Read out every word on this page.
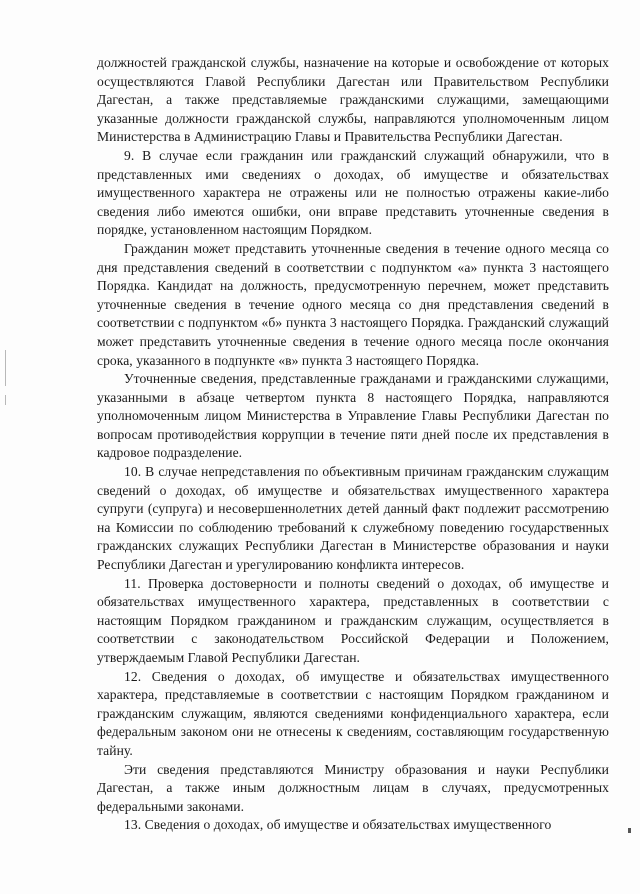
должностей гражданской службы, назначение на которые и освобождение от которых осуществляются Главой Республики Дагестан или Правительством Республики Дагестан, а также представляемые гражданскими служащими, замещающими указанные должности гражданской службы, направляются уполномоченным лицом Министерства в Администрацию Главы и Правительства Республики Дагестан.

9. В случае если гражданин или гражданский служащий обнаружили, что в представленных ими сведениях о доходах, об имуществе и обязательствах имущественного характера не отражены или не полностью отражены какие-либо сведения либо имеются ошибки, они вправе представить уточненные сведения в порядке, установленном настоящим Порядком.

Гражданин может представить уточненные сведения в течение одного месяца со дня представления сведений в соответствии с подпунктом «а» пункта 3 настоящего Порядка. Кандидат на должность, предусмотренную перечнем, может представить уточненные сведения в течение одного месяца со дня представления сведений в соответствии с подпунктом «б» пункта 3 настоящего Порядка. Гражданский служащий может представить уточненные сведения в течение одного месяца после окончания срока, указанного в подпункте «в» пункта 3 настоящего Порядка.

Уточненные сведения, представленные гражданами и гражданскими служащими, указанными в абзаце четвертом пункта 8 настоящего Порядка, направляются уполномоченным лицом Министерства в Управление Главы Республики Дагестан по вопросам противодействия коррупции в течение пяти дней после их представления в кадровое подразделение.

10. В случае непредставления по объективным причинам гражданским служащим сведений о доходах, об имуществе и обязательствах имущественного характера супруги (супруга) и несовершеннолетних детей данный факт подлежит рассмотрению на Комиссии по соблюдению требований к служебному поведению государственных гражданских служащих Республики Дагестан в Министерстве образования и науки Республики Дагестан и урегулированию конфликта интересов.

11. Проверка достоверности и полноты сведений о доходах, об имуществе и обязательствах имущественного характера, представленных в соответствии с настоящим Порядком гражданином и гражданским служащим, осуществляется в соответствии с законодательством Российской Федерации и Положением, утверждаемым Главой Республики Дагестан.

12. Сведения о доходах, об имуществе и обязательствах имущественного характера, представляемые в соответствии с настоящим Порядком гражданином и гражданским служащим, являются сведениями конфиденциального характера, если федеральным законом они не отнесены к сведениям, составляющим государственную тайну.

Эти сведения представляются Министру образования и науки Республики Дагестан, а также иным должностным лицам в случаях, предусмотренных федеральными законами.

13. Сведения о доходах, об имуществе и обязательствах имущественного
